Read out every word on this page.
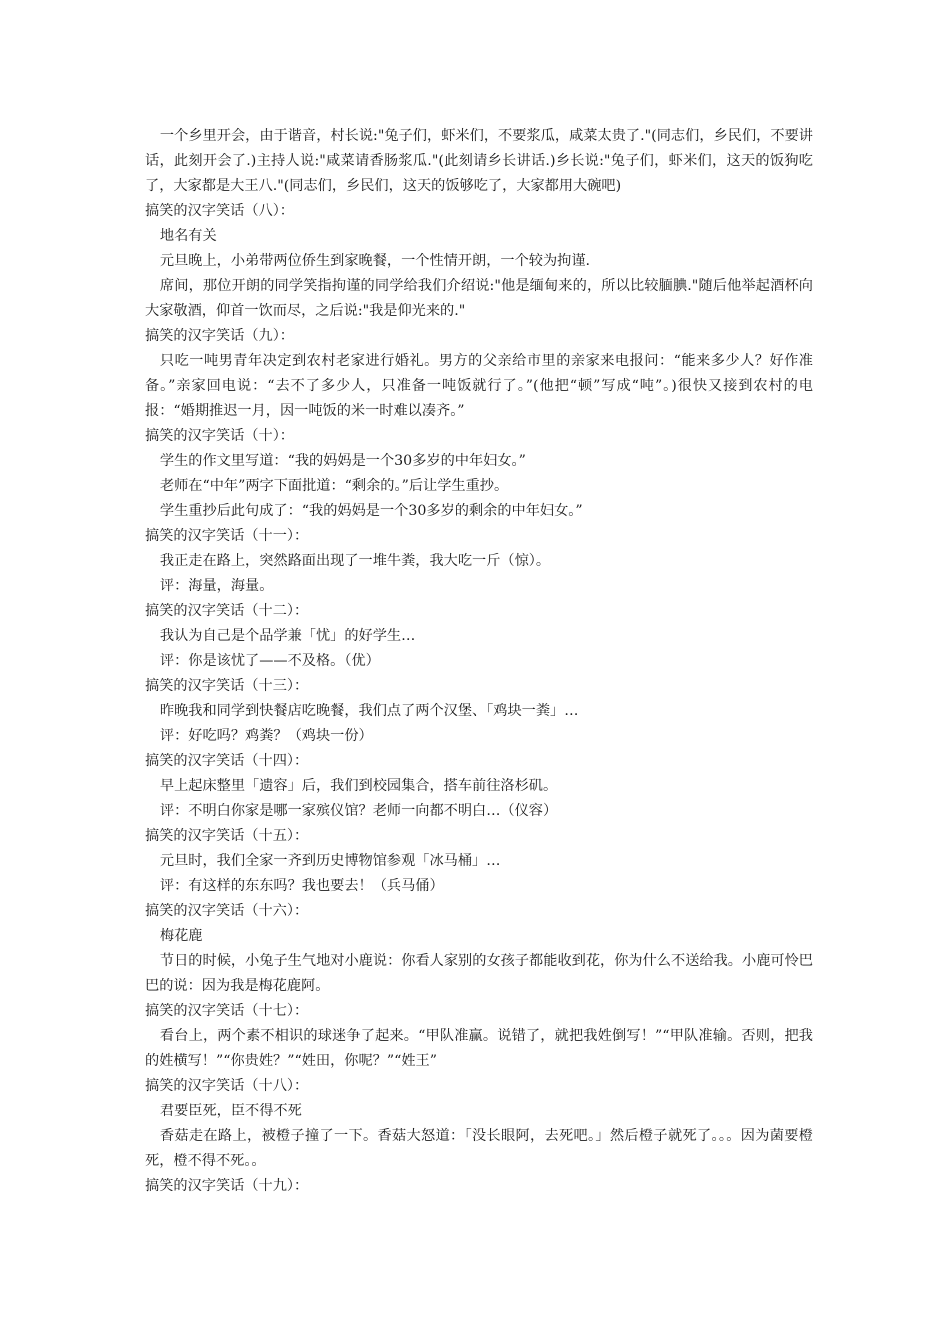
一个乡里开会，由于谐音，村长说:"兔子们，虾米们，不要浆瓜，咸菜太贵了."(同志们，乡民们，不要讲话，此刻开会了.)主持人说:"咸菜请香肠浆瓜."(此刻请乡长讲话.)乡长说:"兔子们，虾米们，这天的饭狗吃了，大家都是大王八."(同志们，乡民们，这天的饭够吃了，大家都用大碗吧)

搞笑的汉字笑话（八）：

地名有关

元旦晚上，小弟带两位侨生到家晚餐，一个性情开朗，一个较为拘谨.

席间，那位开朗的同学笑指拘谨的同学给我们介绍说:"他是缅甸来的，所以比较腼腆."随后他举起酒杯向大家敬酒，仰首一饮而尽，之后说:"我是仰光来的."

搞笑的汉字笑话（九）：

只吃一吨男青年决定到农村老家进行婚礼。男方的父亲给市里的亲家来电报问：“能来多少人？好作准备。”亲家回电说：“去不了多少人，只准备一吨饭就行了。”(他把“顿”写成“吨”。)很快又接到农村的电报：“婚期推迟一月，因一吨饭的米一时难以凑齐。”

搞笑的汉字笑话（十）：

学生的作文里写道：“我的妈妈是一个30多岁的中年妇女。”

老师在“中年”两字下面批道：“剩余的。”后让学生重抄。

学生重抄后此句成了：“我的妈妈是一个30多岁的剩余的中年妇女。”

搞笑的汉字笑话（十一）：

我正走在路上，突然路面出现了一堆牛粪，我大吃一斤（惊）。

评：海量，海量。

搞笑的汉字笑话（十二）：

我认为自己是个品学兼「忧」的好学生…

评：你是该忧了——不及格。（优）

搞笑的汉字笑话（十三）：

昨晚我和同学到快餐店吃晚餐，我们点了两个汉堡、「鸡块一粪」…

评：好吃吗？鸡粪？（鸡块一份）

搞笑的汉字笑话（十四）：

早上起床整里「遗容」后，我们到校园集合，搭车前往洛杉矶。

评：不明白你家是哪一家殡仪馆？老师一向都不明白…（仪容）

搞笑的汉字笑话（十五）：

元旦时，我们全家一齐到历史博物馆参观「冰马桶」…

评：有这样的东东吗？我也要去！（兵马俑）

搞笑的汉字笑话（十六）：

梅花鹿

节日的时候，小兔子生气地对小鹿说：你看人家别的女孩子都能收到花，你为什么不送给我。小鹿可怜巴巴的说：因为我是梅花鹿阿。

搞笑的汉字笑话（十七）：

看台上，两个素不相识的球迷争了起来。“甲队准赢。说错了，就把我姓倒写！”“甲队准输。否则，把我的姓横写！”“你贵姓？”“姓田，你呢？”“姓王”

搞笑的汉字笑话（十八）：

君要臣死，臣不得不死

香菇走在路上，被橙子撞了一下。香菇大怒道：「没长眼阿，去死吧。」然后橙子就死了。。。因为菌要橙死，橙不得不死。。

搞笑的汉字笑话（十九）：
